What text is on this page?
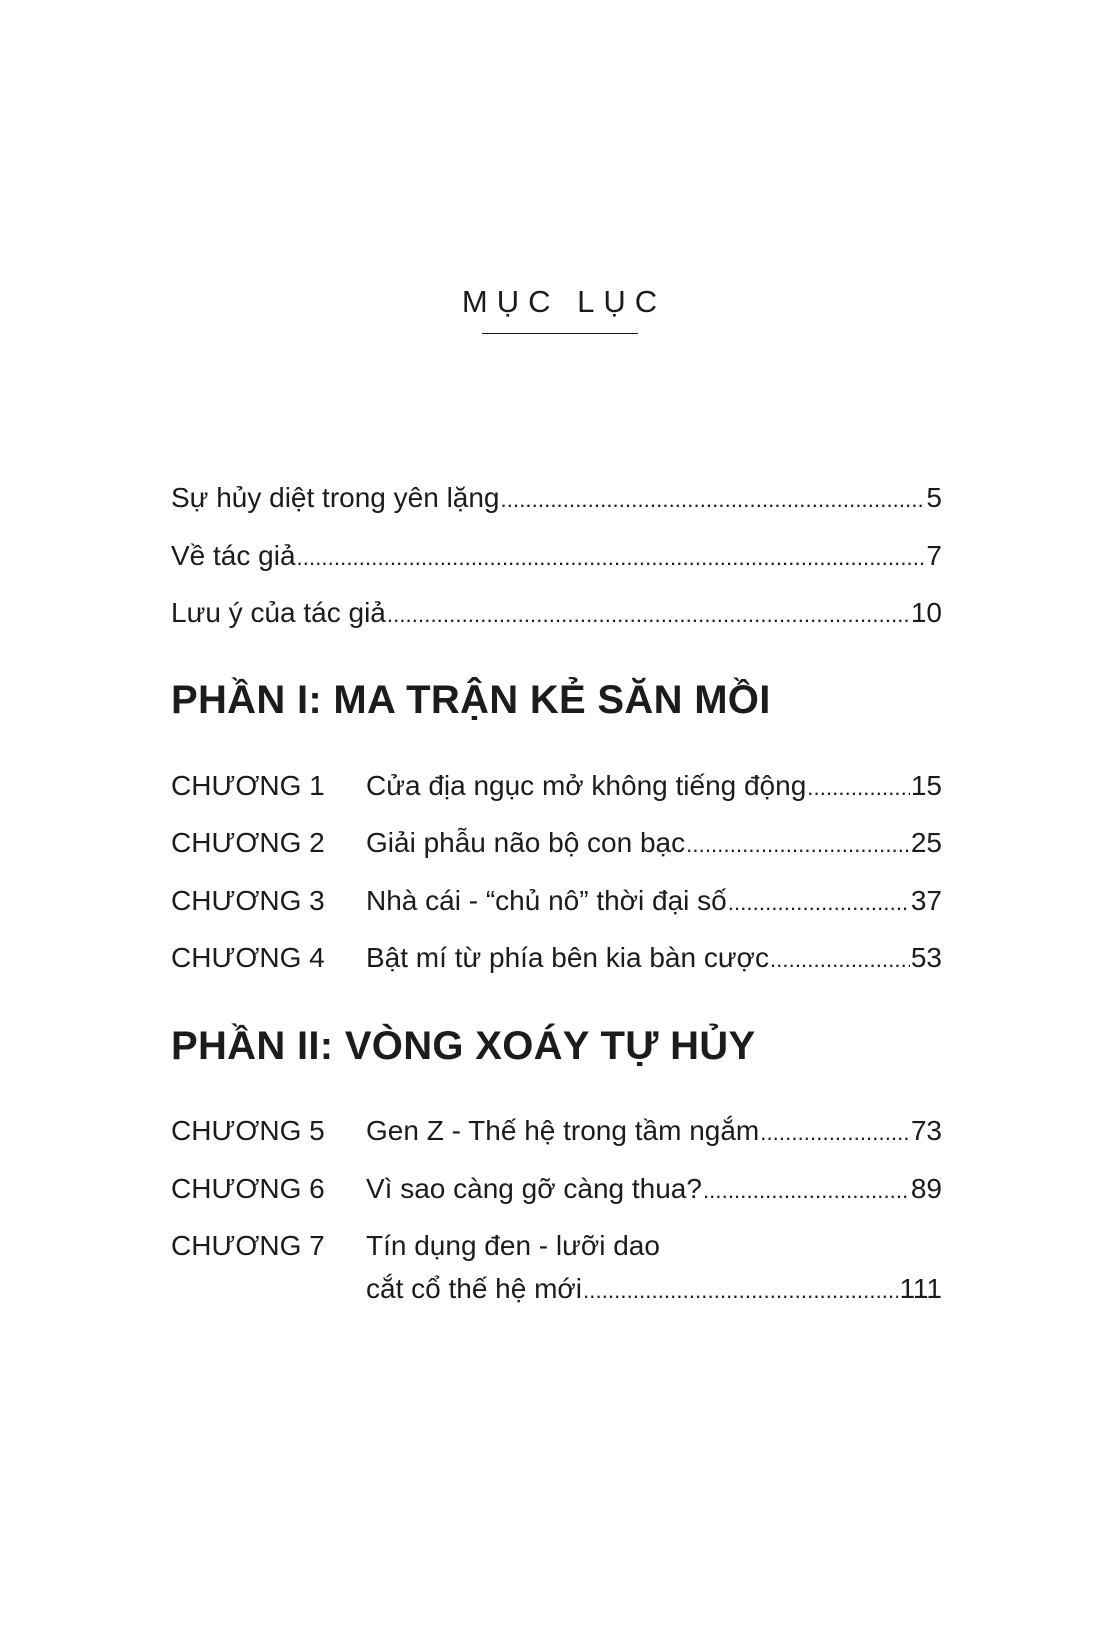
MỤC LỤC
Sự hủy diệt trong yên lặng . . .	5
Về tác giả . . .	7
Lưu ý của tác giả . . .	10
PHẦN I: MA TRẬN KẺ SĂN MỒI
CHƯƠNG 1 Cửa địa ngục mở không tiếng động . . .	15
CHƯƠNG 2 Giải phẫu não bộ con bạc . . .	25
CHƯƠNG 3 Nhà cái - “chủ nô” thời đại số . . .	37
CHƯƠNG 4 Bật mí từ phía bên kia bàn cược . . .	53
PHẦN II: VÒNG XOÁY TỰ HỦY
CHƯƠNG 5 Gen Z - Thế hệ trong tầm ngắm . . .	73
CHƯƠNG 6 Vì sao càng gỡ càng thua? . . .	89
CHƯƠNG 7 Tín dụng đen - lưỡi dao
cắt cổ thế hệ mới . . .	111
